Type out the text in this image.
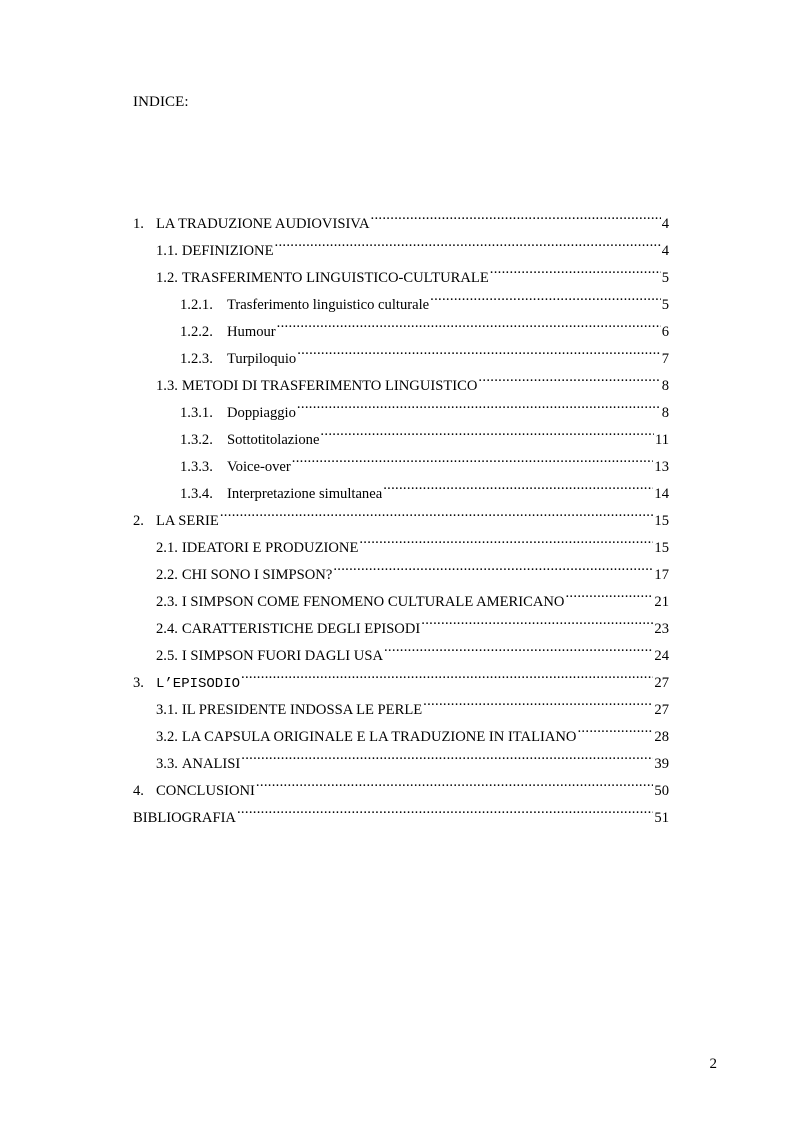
INDICE:
1. LA TRADUZIONE AUDIOVISIVA .....	4
1.1. DEFINIZIONE .....	4
1.2. TRASFERIMENTO LINGUISTICO-CULTURALE .....	5
1.2.1. Trasferimento linguistico culturale .....	5
1.2.2. Humour .....	6
1.2.3. Turpiloquio .....	7
1.3. METODI DI TRASFERIMENTO LINGUISTICO .....	8
1.3.1. Doppiaggio .....	8
1.3.2. Sottotitolazione .....	11
1.3.3. Voice-over .....	13
1.3.4. Interpretazione simultanea .....	14
2. LA SERIE .....	15
2.1. IDEATORI E PRODUZIONE .....	15
2.2. CHI SONO I SIMPSON? .....	17
2.3. I SIMPSON COME FENOMENO CULTURALE AMERICANO .....	21
2.4. CARATTERISTICHE DEGLI EPISODI .....	23
2.5. I SIMPSON FUORI DAGLI USA .....	24
3. L’EPISODIO .....	27
3.1. IL PRESIDENTE INDOSSA LE PERLE .....	27
3.2. LA CAPSULA ORIGINALE E LA TRADUZIONE IN ITALIANO .....	28
3.3. ANALISI .....	39
4. CONCLUSIONI .....	50
BIBLIOGRAFIA .....	51
2
